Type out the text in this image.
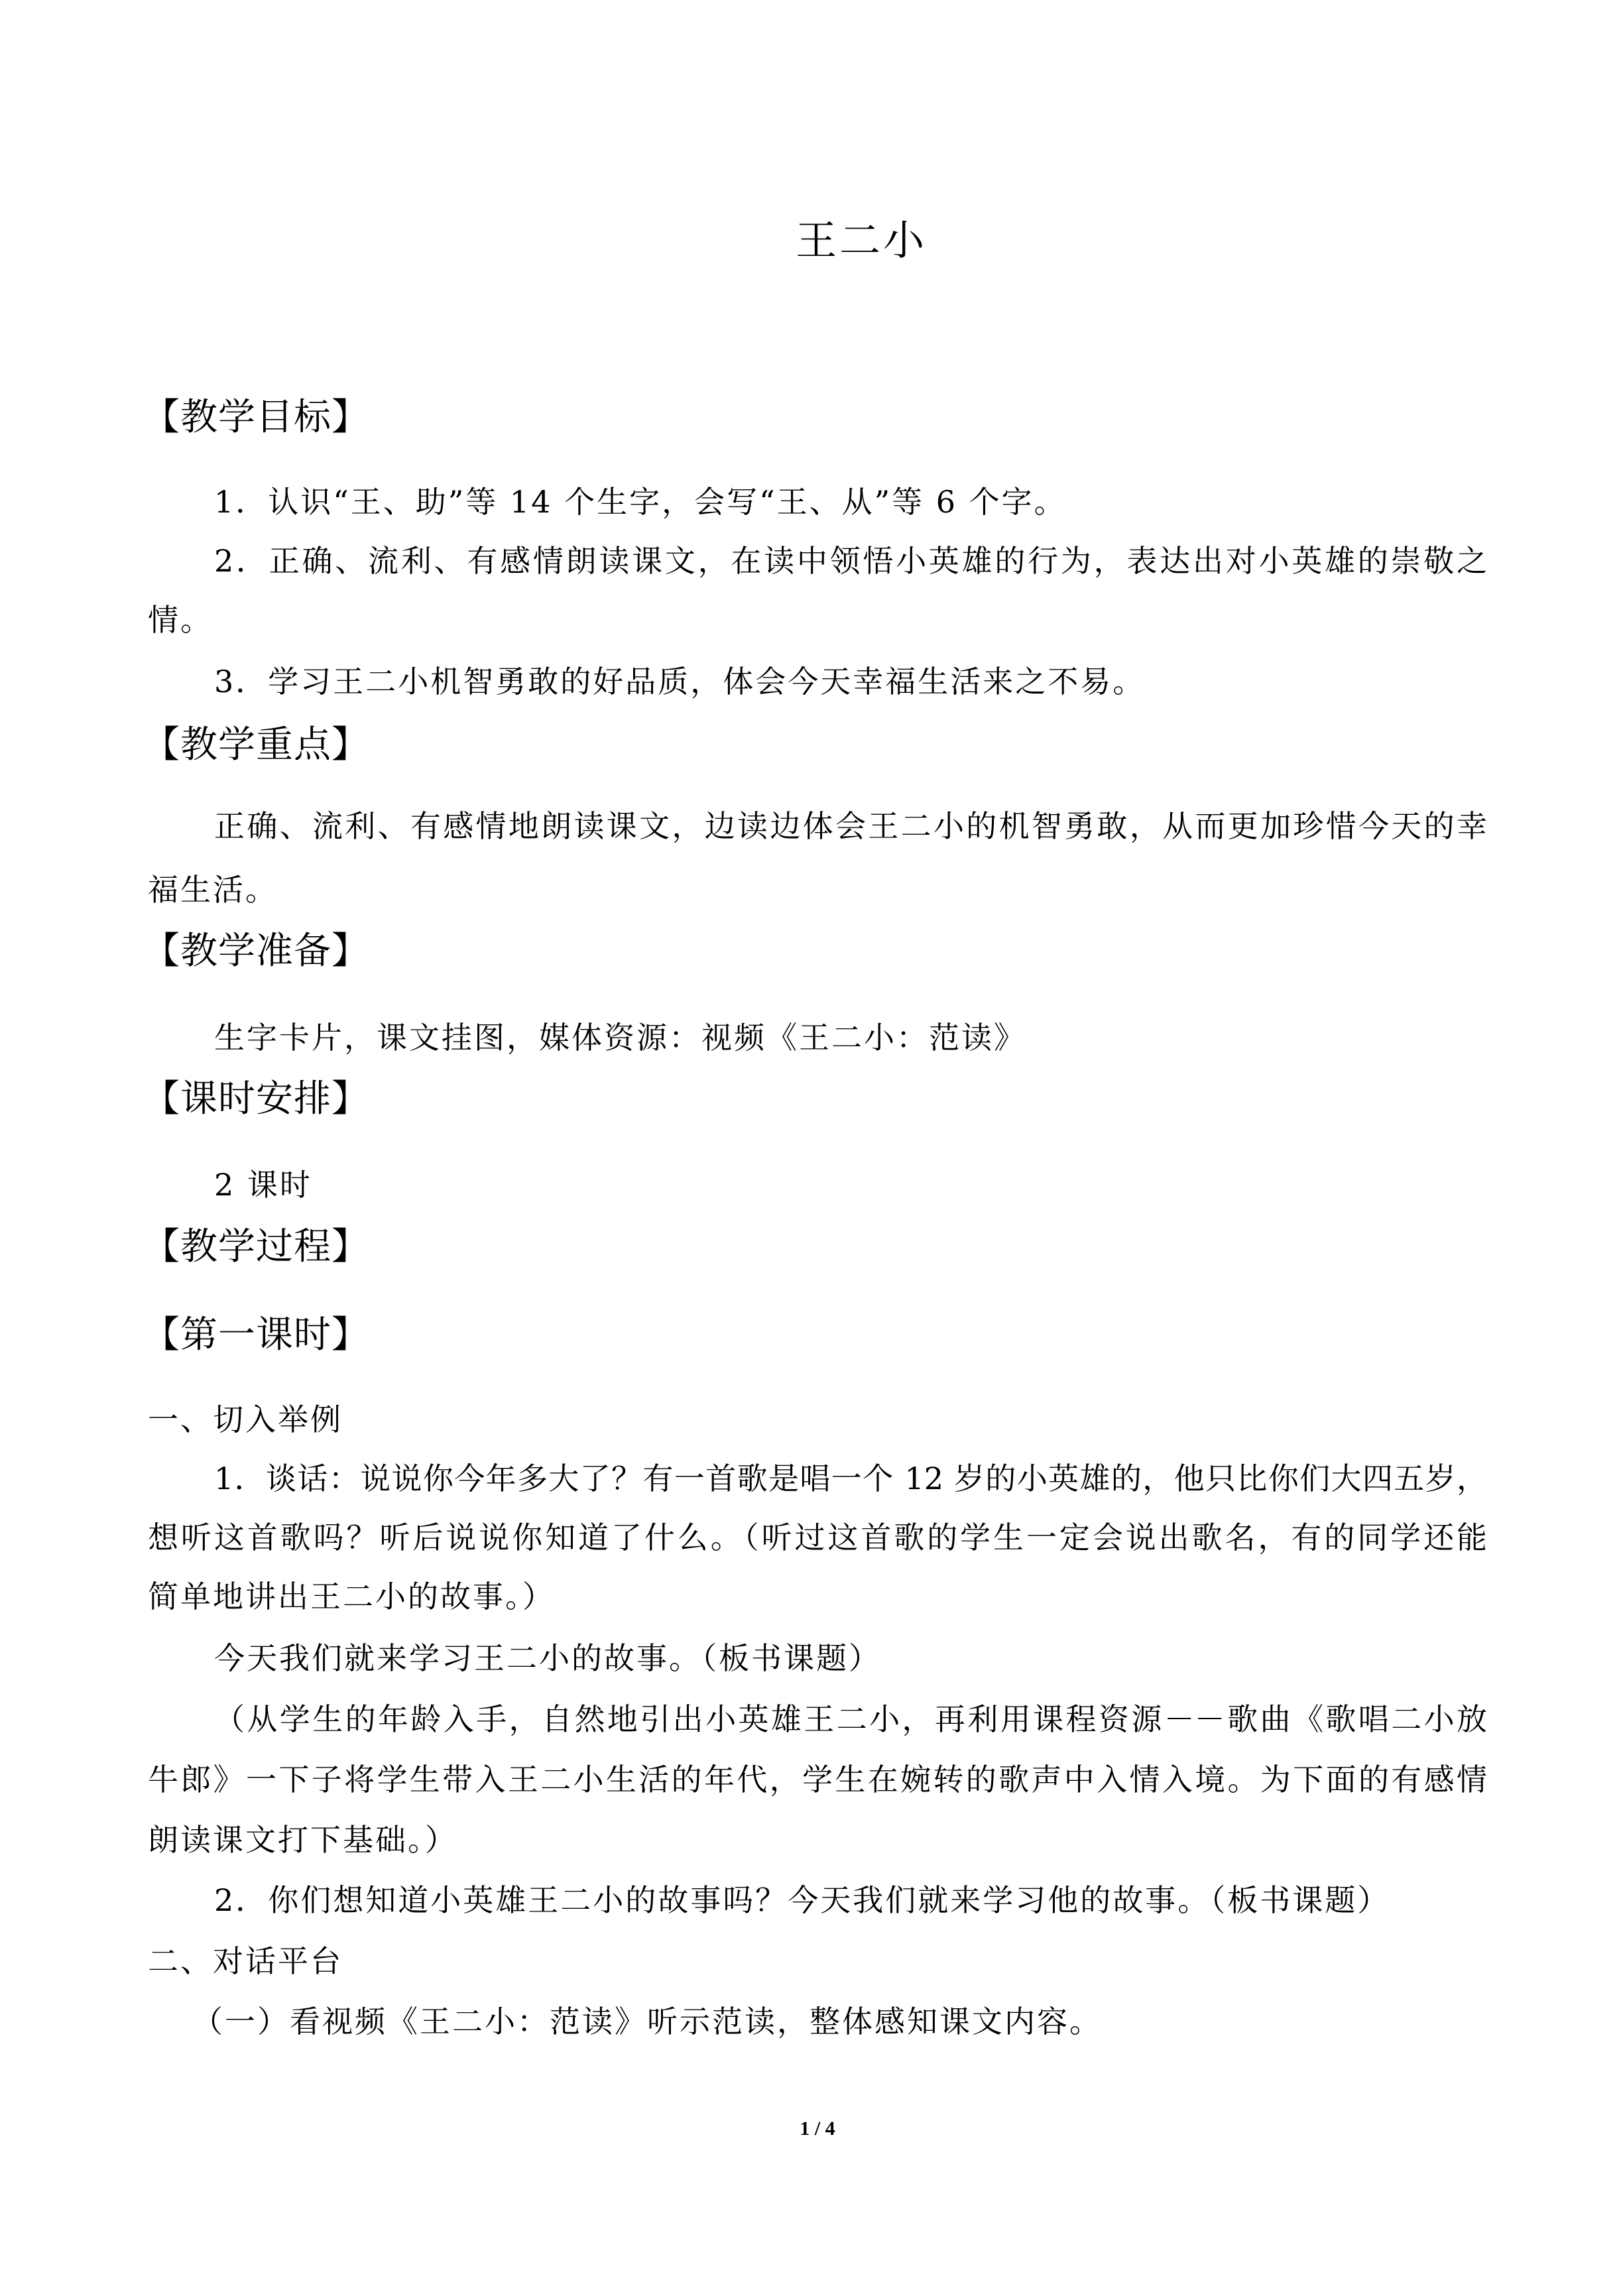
王二小
【教学目标】
1．认识“王、助”等 14 个生字，会写“王、从”等 6 个字。
2．正确、流利、有感情朗读课文，在读中领悟小英雄的行为，表达出对小英雄的崇敬之
情。
3．学习王二小机智勇敢的好品质，体会今天幸福生活来之不易。
【教学重点】
正确、流利、有感情地朗读课文，边读边体会王二小的机智勇敢，从而更加珍惜今天的幸
福生活。
【教学准备】
生字卡片，课文挂图，媒体资源：视频《王二小：范读》
【课时安排】
2 课时
【教学过程】
【第一课时】
一、切入举例
1．谈话：说说你今年多大了？有一首歌是唱一个 12 岁的小英雄的，他只比你们大四五岁，
想听这首歌吗？听后说说你知道了什么。（听过这首歌的学生一定会说出歌名，有的同学还能
简单地讲出王二小的故事。）
今天我们就来学习王二小的故事。（板书课题）
（从学生的年龄入手，自然地引出小英雄王二小，再利用课程资源－－歌曲《歌唱二小放
牛郎》一下子将学生带入王二小生活的年代，学生在婉转的歌声中入情入境。为下面的有感情
朗读课文打下基础。）
2．你们想知道小英雄王二小的故事吗？今天我们就来学习他的故事。（板书课题）
二、对话平台
（一）看视频《王二小：范读》听示范读，整体感知课文内容。
1 / 4
